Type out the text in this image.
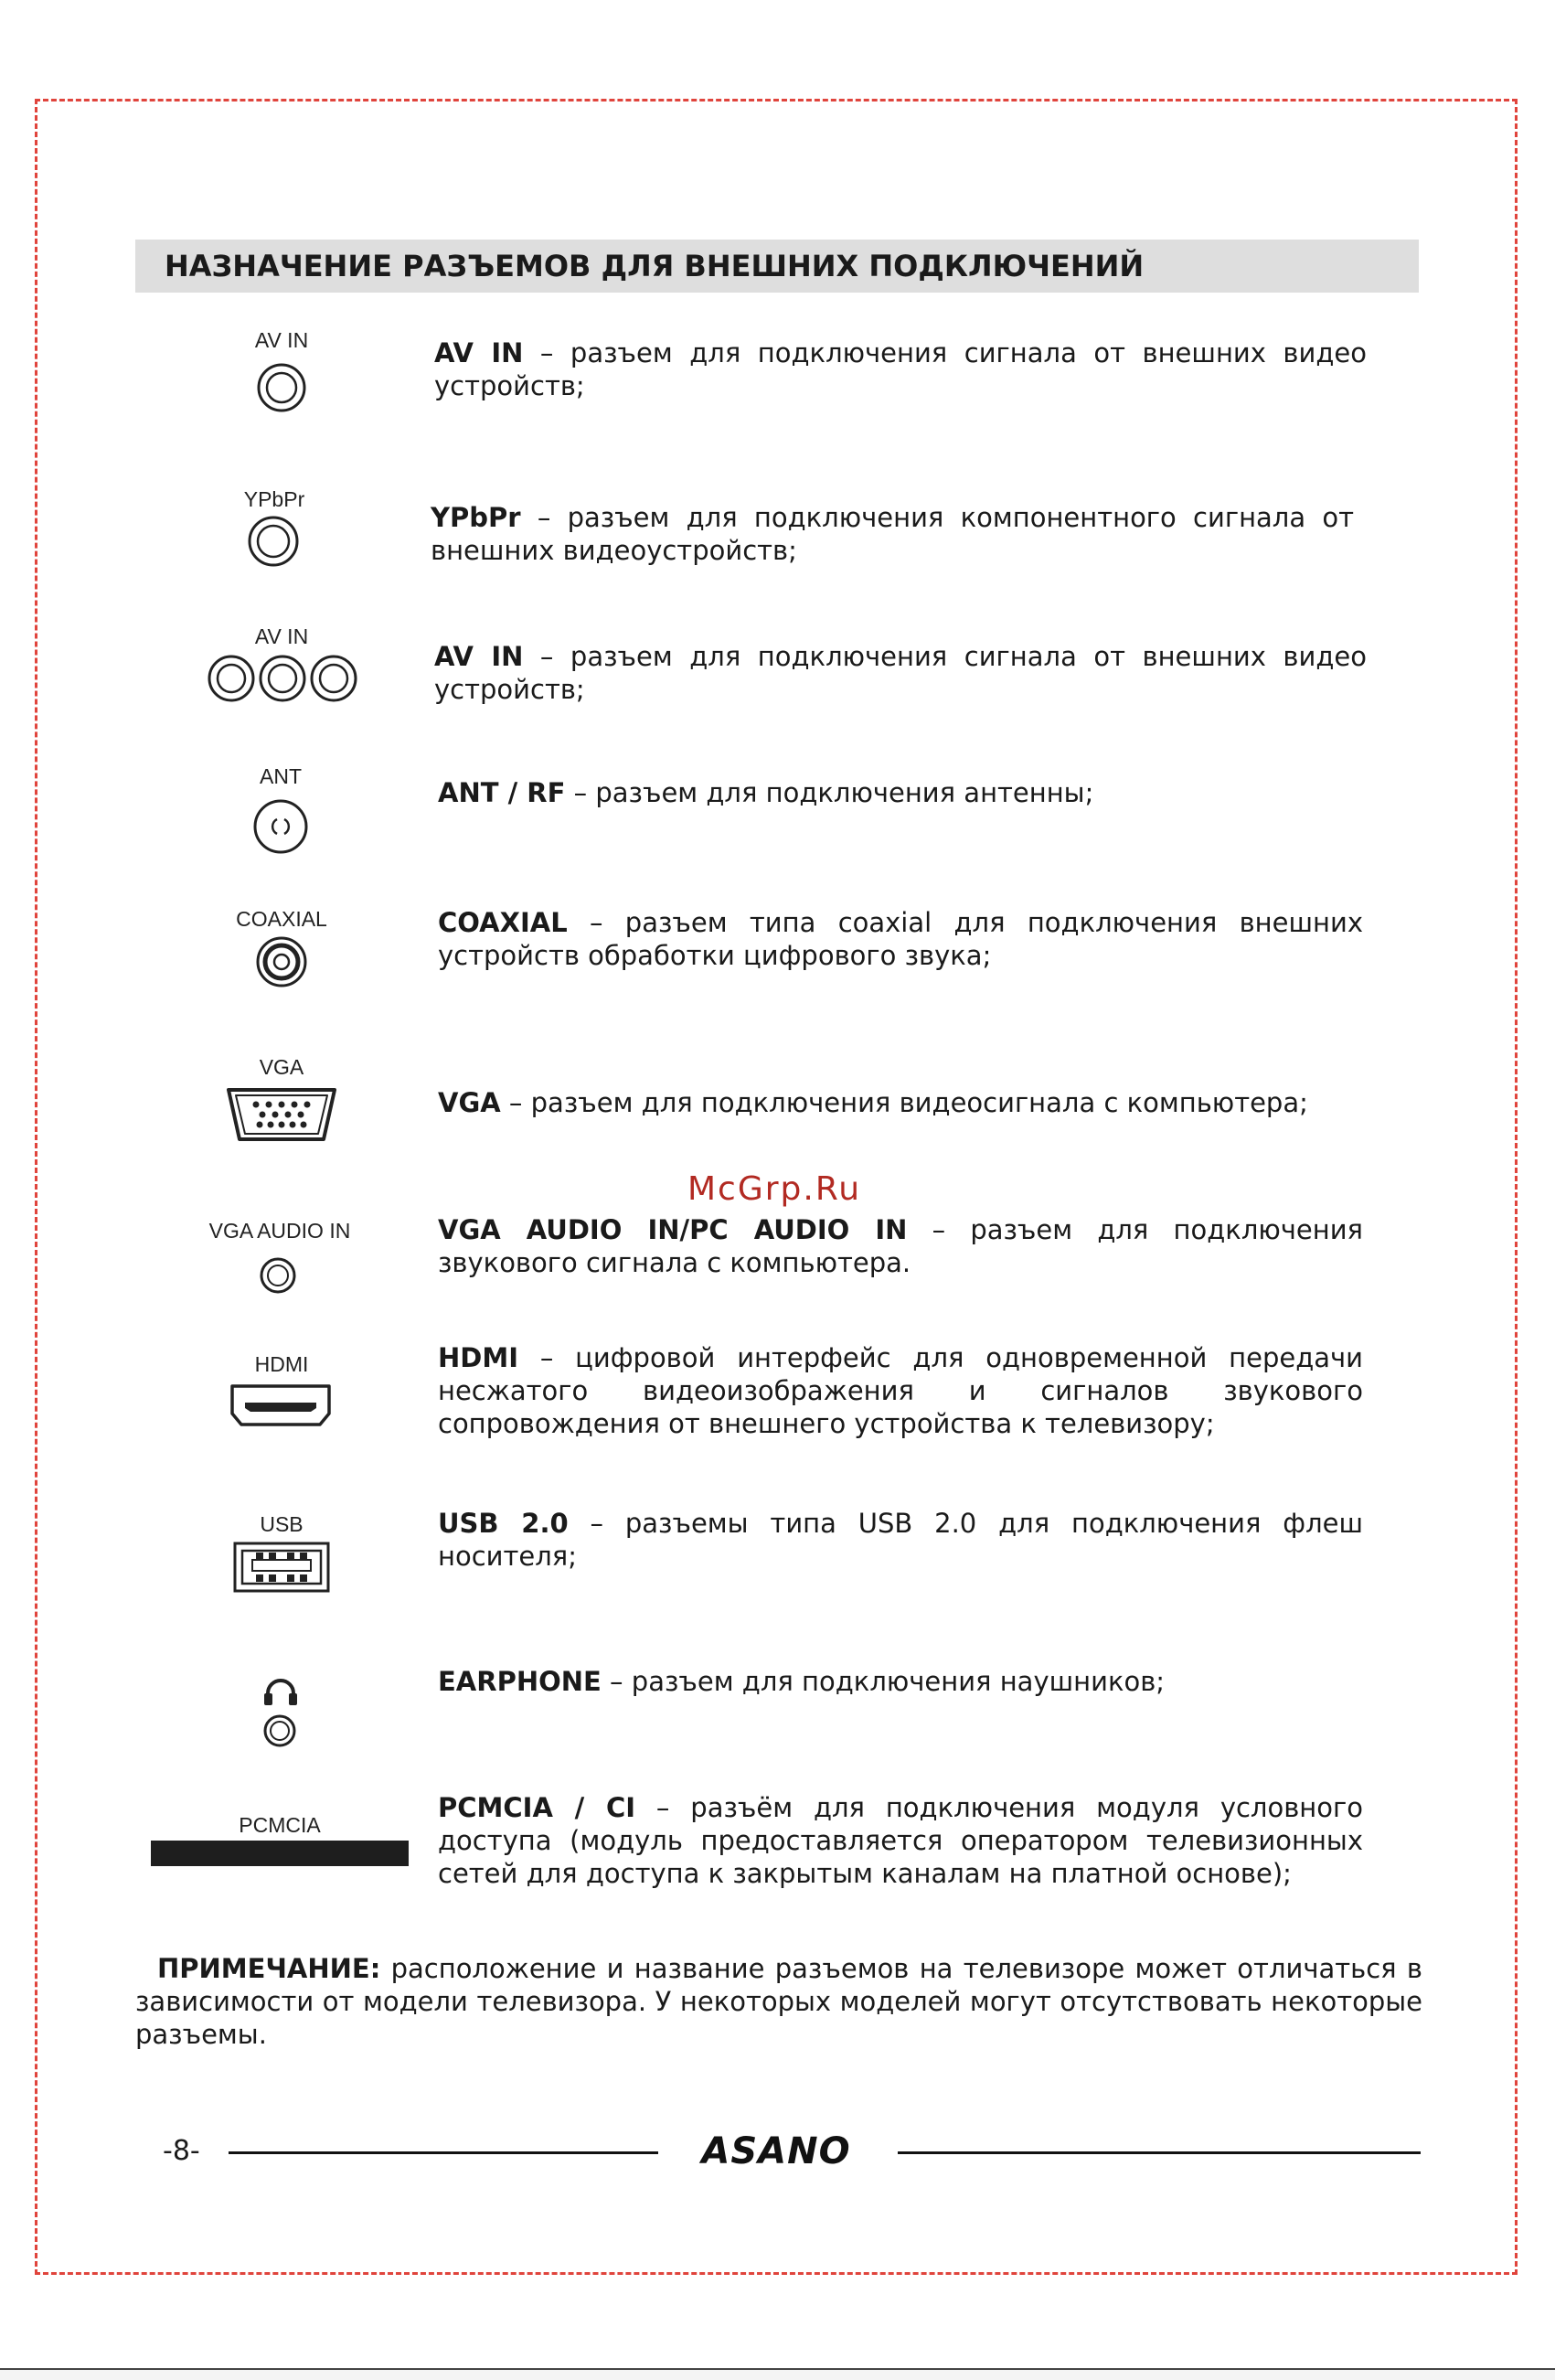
НАЗНАЧЕНИЕ РАЗЪЕМОВ ДЛЯ ВНЕШНИХ ПОДКЛЮЧЕНИЙ
AV IN	AV IN – разъем для подключения сигнала от внешних видео устройств;
YPbPr
YPbPr – разъем для подключения компонентного сигнала от внешних видеоустройств;
AV IN
AV IN – разъем для подключения сигнала от внешних видео устройств;
ANT
ANT / RF – разъем для подключения антенны;
COAXIAL	COAXIAL – разъем типа coaxial для подключения внешних устройств обработки цифрового звука;
VGA
VGA – разъем для подключения видеосигнала с компьютера;
McGrp.Ru
VGA AUDIO IN	VGA AUDIO IN/PC AUDIO IN – разъем для подключения звукового сигнала с компьютера.
HDMI	HDMI – цифровой интерфейс для одновременной передачи несжатого видеоизображения и сигналов звукового сопровождения от внешнего устройства к телевизору;
USB	USB 2.0 – разъемы типа USB 2.0 для подключения флеш носителя;
EARPHONE – разъем для подключения наушников;
PCMCIA
PCMCIA / CI – разъём для подключения модуля условного доступа (модуль предоставляется оператором телевизионных сетей для доступа к закрытым каналам на платной основе);
ПРИМЕЧАНИЕ: расположение и название разъемов на телевизоре может отличаться в зависимости от модели телевизора. У некоторых моделей могут отсутствовать некоторые разъемы.
-8-	ASANO
